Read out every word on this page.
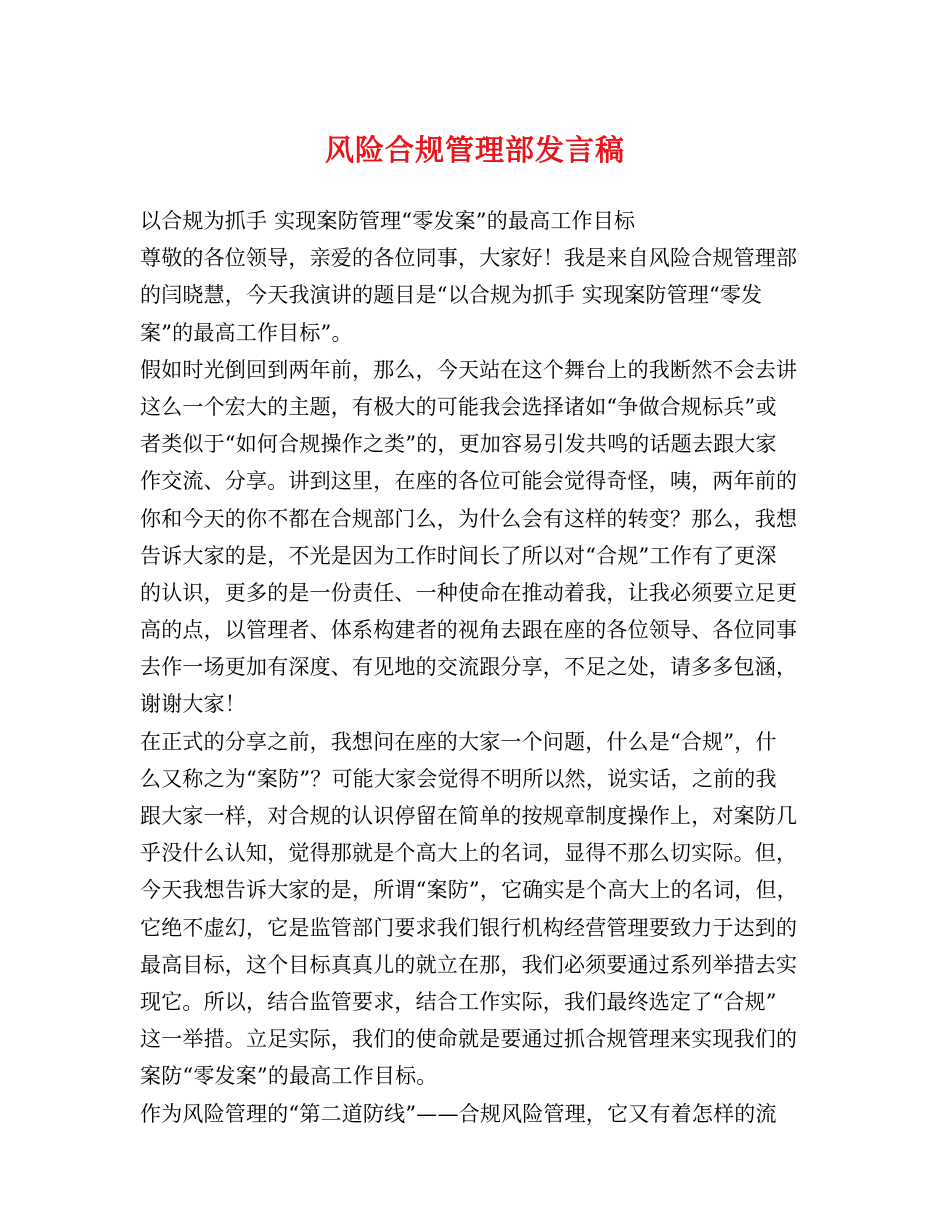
风险合规管理部发言稿
以合规为抓手 实现案防管理“零发案”的最高工作目标
尊敬的各位领导，亲爱的各位同事，大家好！我是来自风险合规管理部
的闫晓慧，今天我演讲的题目是“以合规为抓手 实现案防管理“零发
案”的最高工作目标”。
假如时光倒回到两年前，那么，今天站在这个舞台上的我断然不会去讲
这么一个宏大的主题，有极大的可能我会选择诸如“争做合规标兵”或
者类似于“如何合规操作之类”的，更加容易引发共鸣的话题去跟大家
作交流、分享。讲到这里，在座的各位可能会觉得奇怪，咦，两年前的
你和今天的你不都在合规部门么，为什么会有这样的转变？那么，我想
告诉大家的是，不光是因为工作时间长了所以对“合规”工作有了更深
的认识，更多的是一份责任、一种使命在推动着我，让我必须要立足更
高的点，以管理者、体系构建者的视角去跟在座的各位领导、各位同事
去作一场更加有深度、有见地的交流跟分享，不足之处，请多多包涵，
谢谢大家！
在正式的分享之前，我想问在座的大家一个问题，什么是“合规”，什
么又称之为“案防”？可能大家会觉得不明所以然，说实话，之前的我
跟大家一样，对合规的认识停留在简单的按规章制度操作上，对案防几
乎没什么认知，觉得那就是个高大上的名词，显得不那么切实际。但，
今天我想告诉大家的是，所谓“案防”，它确实是个高大上的名词，但，
它绝不虚幻，它是监管部门要求我们银行机构经营管理要致力于达到的
最高目标，这个目标真真儿的就立在那，我们必须要通过系列举措去实
现它。所以，结合监管要求，结合工作实际，我们最终选定了“合规”
这一举措。立足实际，我们的使命就是要通过抓合规管理来实现我们的
案防“零发案”的最高工作目标。
作为风险管理的“第二道防线”——合规风险管理，它又有着怎样的流
